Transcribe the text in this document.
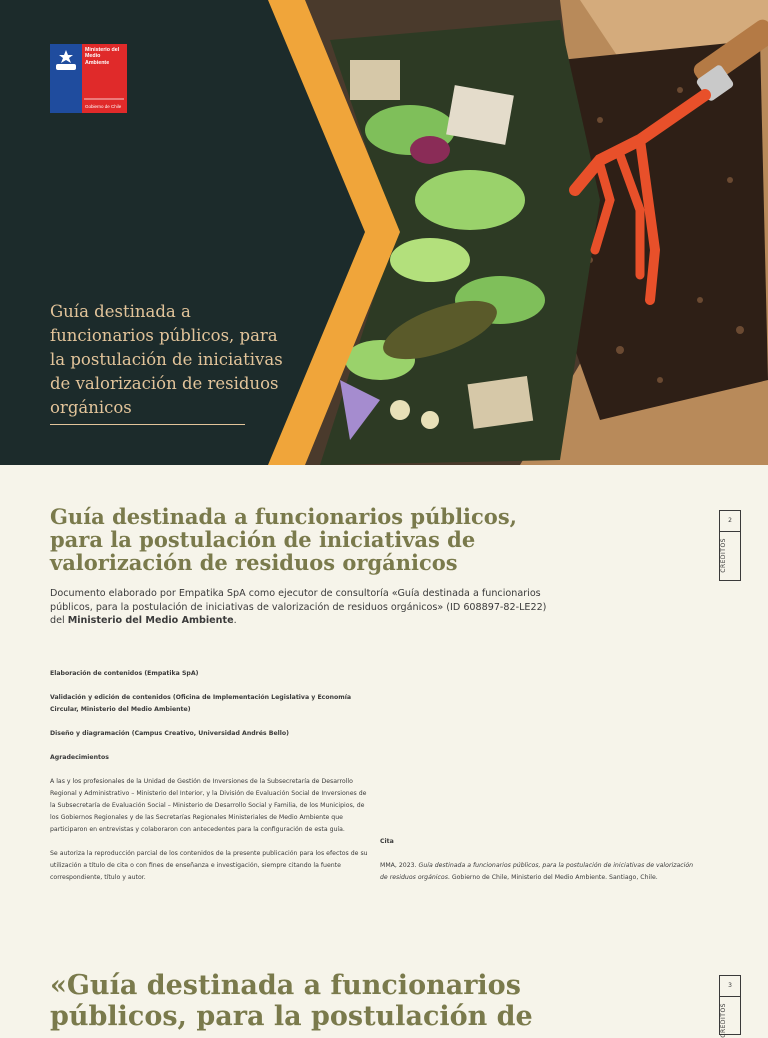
Ministerio del Medio Ambiente
Gobierno de Chile
Guía destinada a funcionarios públicos, para la postulación de iniciativas de valorización de residuos orgánicos
Guía destinada a funcionarios públicos, para la postulación de iniciativas de valorización de residuos orgánicos

Documento elaborado por Empatika SpA como ejecutor de consultoría «Guía destinada a funcionarios públicos, para la postulación de iniciativas de valorización de residuos orgánicos» (ID 608897-82-LE22) del Ministerio del Medio Ambiente.

Elaboración de contenidos (Empatika SpA)
Validación y edición de contenidos (Oficina de Implementación Legislativa y Economía Circular, Ministerio del Medio Ambiente)
Diseño y diagramación (Campus Creativo, Universidad Andrés Bello)
Agradecimientos
A las y los profesionales de la Unidad de Gestión de Inversiones de la Subsecretaría de Desarrollo Regional y Administrativo – Ministerio del Interior, y la División de Evaluación Social de Inversiones de la Subsecretaría de Evaluación Social – Ministerio de Desarrollo Social y Familia, de los Municipios, de los Gobiernos Regionales y de las Secretarías Regionales Ministeriales de Medio Ambiente que participaron en entrevistas y colaboraron con antecedentes para la configuración de esta guía.
Se autoriza la reproducción parcial de los contenidos de la presente publicación para los efectos de su utilización a título de cita o con fines de enseñanza e investigación, siempre citando la fuente correspondiente, título y autor.
Cita
MMA, 2023. Guía destinada a funcionarios públicos, para la postulación de iniciativas de valorización de residuos orgánicos. Gobierno de Chile, Ministerio del Medio Ambiente. Santiago, Chile.
2
CRÉDITOS
«Guía destinada a funcionarios públicos, para la postulación de
3
CRÉDITOS
